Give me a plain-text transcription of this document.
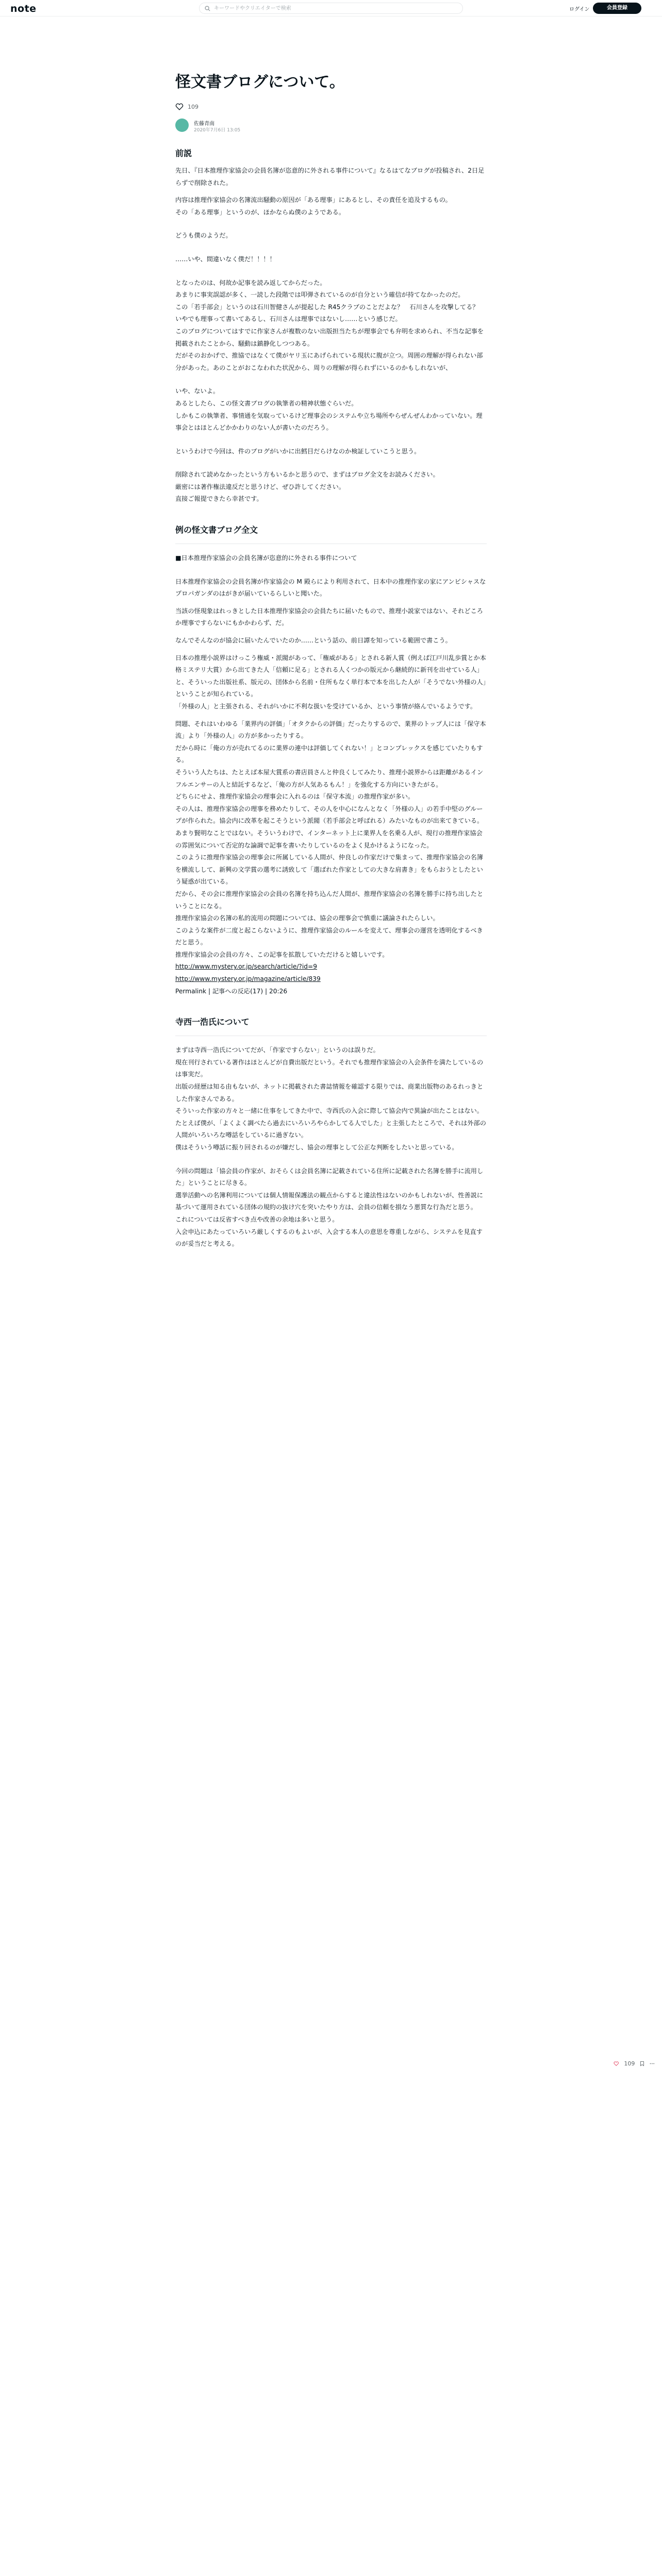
note
キーワードやクリエイターで検索	ログイン	会員登録
怪文書ブログについて。
109
佐藤青南
2020年7月6日 13:05
前説

先日、『日本推理作家協会の会員名簿が恣意的に外される事件について』なるはてなブログが投稿され、2日足らずで削除された。

内容は推理作家協会の名簿流出騒動の原因が「ある理事」にあるとし、その責任を追及するもの。

その「ある理事」というのが、ほかならぬ僕のようである。

どうも僕のようだ。

……いや、間違いなく僕だ！！！！

となったのは、何故か記事を読み返してからだった。

あまりに事実誤認が多く、一読した段階では叩弾されているのが自分という確信が持てなかったのだ。

この「若手部会」というのは石川智健さんが提起した R45クラブのことだよな？　石川さんを攻撃してる？　いやでも理事って書いてあるし、石川さんは理事ではないし……という感じだ。

このブログについてはすでに作家さんが複数のない出版担当たちが理事会でも弁明を求められ、不当な記事を掲載されたことから、騒動は鎮静化しつつある。

だがそのおかげで、推協ではなくて僕がヤリ玉にあげられている現状に腹が立つ。周囲の理解が得られない部分があった。あのことがおこなわれた状況から、周りの理解が得られずにいるのかもしれないが、

いや、ないよ。

あるとしたら、この怪文書ブログの執筆者の精神状態ぐらいだ。

しかもこの執筆者、事情通を気取っているけど理事会のシステムや立ち場所やらぜんぜんわかっていない。理事会とはほとんどかかわりのない人が書いたのだろう。

というわけで今回は、件のブログがいかに出鱈目だらけなのか検証していこうと思う。

削除されて読めなかったという方もいるかと思うので、まずはブログ全文をお読みください。

厳密には著作権法違反だと思うけど、ぜひ許してください。

直接ご報提できたら幸甚です。

例の怪文書ブログ全文

■日本推理作家協会の会員名簿が恣意的に外される事件について

日本推理作家協会の会員名簿が作家協会の M 殿らにより利用されて、日本中の推理作家の家にアンビシャスなプロパガンダのはがきが届いているらしいと聞いた。

当該の怪現象はれっきとした日本推理作家協会の会員たちに届いたもので、推理小説家ではない、それどころか理事ですらないにもかかわらず、だ。

なんでそんなのが協会に届いたんでいたのか……という話の、前日譚を知っている範囲で書こう。

日本の推理小説界はけっこう権威・派閥があって、「権威がある」とされる新人賞（例えば江戸川乱歩賞とか本格ミステリ大賞）から出てきた人「信頼に足る」とされる人くつかの版元から継続的に新刊を出せている人」と、そういった出版社系、版元の、団体から名前・住所もなく単行本で本を出した人が「そうでない外様の人」ということが知られている。

「外様の人」と主張される、それがいかに不利な扱いを受けているか、という事情が絡んでいるようです。

問題、それはいわゆる「業界内の評価」「オタクからの評価」だったりするので、業界のトップ人には「保守本流」より「外様の人」の方が多かったりする。

だから時に「俺の方が売れてるのに業界の連中は評価してくれない！」とコンプレックスを感じていたりもする。

そういう人たちは、たとえば本屋大賞系の書店員さんと仲良くしてみたり、推理小説界からは距離があるインフルエンサーの人と結託するなど、「俺の方が人気あるもん！」を強化する方向にいきたがる。

どちらにせよ、推理作家協会の理事会に入れるのは「保守本流」の推理作家が多い。

その人は、推理作家協会の理事を務めたりして、その人を中心になんとなく「外様の人」の若手中堅のグループが作られた。協会内に改革を起こそうという派閥（若手部会と呼ばれる）みたいなものが出来てきている。

あまり賢明なことではない。そういうわけで、インターネット上に業界人を名乗る人が、現行の推理作家協会の雰囲気について否定的な論調で記事を書いたりしているのをよく見かけるようになった。

このように推理作家協会の理事会に所属している人間が、仲良しの作家だけで集まって、推理作家協会の名簿を横流しして、新興の文学賞の選考に誘致して「選ばれた作家としての大きな肩書き」をもらおうとしたという疑惑が出ている。

だから、その会に推理作家協会の会員の名簿を持ち込んだ人間が、推理作家協会の名簿を勝手に持ち出したということになる。

推理作家協会の名簿の私的流用の問題については、協会の理事会で慎重に議論されたらしい。

このような案件が二度と起こらないように、推理作家協会のルールを変えて、理事会の運営を透明化するべきだと思う。

推理作家協会の会員の方々、この記事を拡散していただけると嬉しいです。

http://www.mystery.or.jp/search/article/?id=9

http://www.mystery.or.jp/magazine/article/839

Permalink | 記事への反応(17) | 20:26

寺西一浩氏について

まずは寺西一浩氏についてだが、「作家ですらない」というのは誤りだ。

現在刊行されている著作はほとんどが自費出版だという。それでも推理作家協会の入会条件を満たしているのは事実だ。

出版の経歴は知る由もないが、ネットに掲載された書誌情報を確認する限りでは、商業出版物のあるれっきとした作家さんである。

そういった作家の方々と一緒に仕事をしてきた中で、寺西氏の入会に際して協会内で異論が出たことはない。

たとえば僕が、「よくよく調べたら過去にいろいろやらかしてる人でした」と主張したところで、それは外部の人間がいろいろな噂話をしているに過ぎない。

僕はそういう噂話に振り回されるのが嫌だし、協会の理事として公正な判断をしたいと思っている。

今回の問題は「協会員の作家が、おそらくは会員名簿に記載されている住所に記載された名簿を勝手に流用した」ということに尽きる。

選挙活動への名簿利用については個人情報保護法の観点からすると違法性はないのかもしれないが、性善説に基づいて運用されている団体の規約の抜け穴を突いたやり方は、会員の信頼を損なう悪質な行為だと思う。

これについては反省すべき点や改善の余地は多いと思う。

入会申込にあたっていろいろ厳しくするのもよいが、入会する本人の意思を尊重しながら、システムを見直すのが妥当だと考える。

109
